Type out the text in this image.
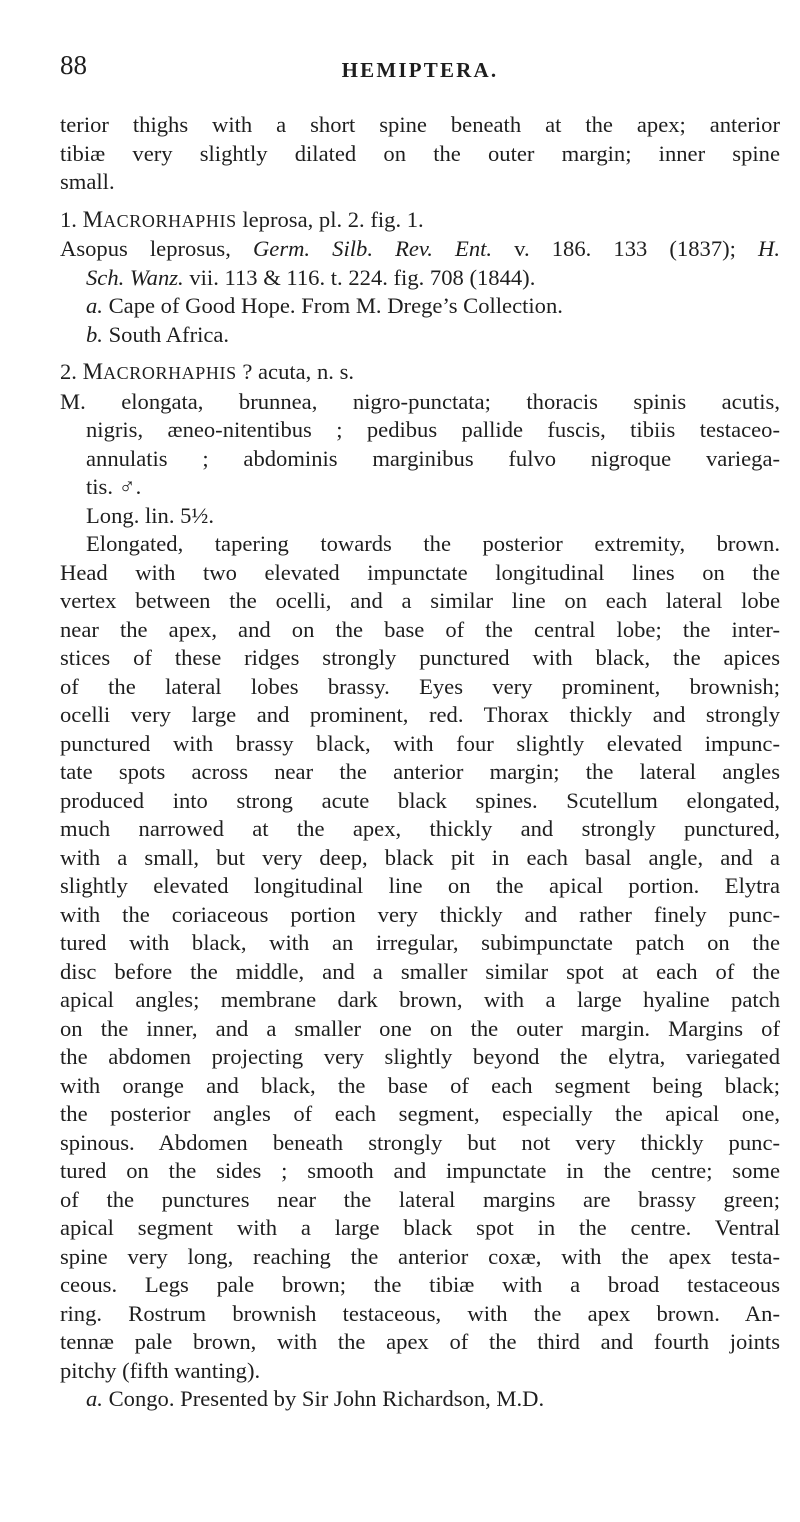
88	HEMIPTERA.
terior thighs with a short spine beneath at the apex; anterior
tibiæ very slightly dilated on the outer margin; inner spine
small.
1. MACRORHAPHIS leprosa, pl. 2. fig. 1.
Asopus leprosus, Germ. Silb. Rev. Ent. v. 186. 133 (1837); H.
Sch. Wanz. vii. 113 & 116. t. 224. fig. 708 (1844).
a. Cape of Good Hope. From M. Drege’s Collection.
b. South Africa.
2. MACRORHAPHIS ? acuta, n. s.
M. elongata, brunnea, nigro-punctata; thoracis spinis acutis,
nigris, æneo-nitentibus ; pedibus pallide fuscis, tibiis testaceo-
annulatis ; abdominis marginibus fulvo nigroque variega-
tis. ♂.
Long. lin. 5½.
Elongated, tapering towards the posterior extremity, brown.
Head with two elevated impunctate longitudinal lines on the
vertex between the ocelli, and a similar line on each lateral lobe
near the apex, and on the base of the central lobe; the inter-
stices of these ridges strongly punctured with black, the apices
of the lateral lobes brassy. Eyes very prominent, brownish;
ocelli very large and prominent, red. Thorax thickly and strongly
punctured with brassy black, with four slightly elevated impunc-
tate spots across near the anterior margin; the lateral angles
produced into strong acute black spines. Scutellum elongated,
much narrowed at the apex, thickly and strongly punctured,
with a small, but very deep, black pit in each basal angle, and a
slightly elevated longitudinal line on the apical portion. Elytra
with the coriaceous portion very thickly and rather finely punc-
tured with black, with an irregular, subimpunctate patch on the
disc before the middle, and a smaller similar spot at each of the
apical angles; membrane dark brown, with a large hyaline patch
on the inner, and a smaller one on the outer margin. Margins of
the abdomen projecting very slightly beyond the elytra, variegated
with orange and black, the base of each segment being black;
the posterior angles of each segment, especially the apical one,
spinous. Abdomen beneath strongly but not very thickly punc-
tured on the sides ; smooth and impunctate in the centre; some
of the punctures near the lateral margins are brassy green;
apical segment with a large black spot in the centre. Ventral
spine very long, reaching the anterior coxæ, with the apex testa-
ceous. Legs pale brown; the tibiæ with a broad testaceous
ring. Rostrum brownish testaceous, with the apex brown. An-
tennæ pale brown, with the apex of the third and fourth joints
pitchy (fifth wanting).
a. Congo. Presented by Sir John Richardson, M.D.
